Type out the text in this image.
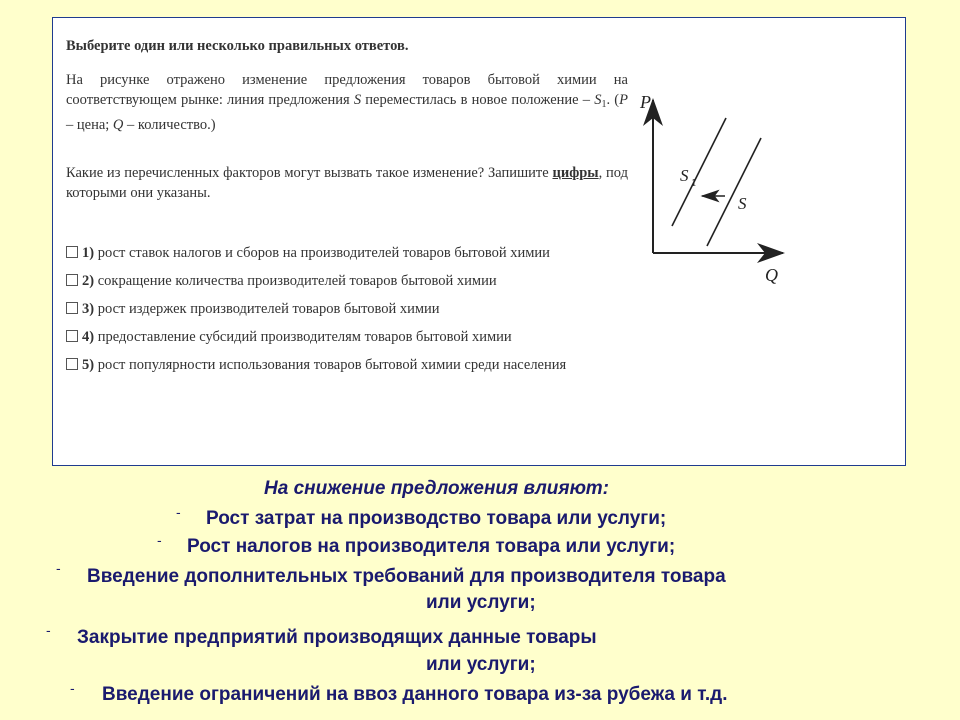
Выберите один или несколько правильных ответов.

На рисунке отражено изменение предложения товаров бытовой химии на соответствующем рынке: линия предложения S переместилась в новое положение – $S_1$. (P – цена; Q – количество.)

Какие из перечисленных факторов могут вызвать такое изменение? Запишите цифры, под которыми они указаны.

1) рост ставок налогов и сборов на производителей товаров бытовой химии
2) сокращение количества производителей товаров бытовой химии
3) рост издержек производителей товаров бытовой химии
4) предоставление субсидий производителям товаров бытовой химии
5) рост популярности использования товаров бытовой химии среди населения
P
Q
S 1
S
На снижение предложения влияют:
- Рост затрат на производство товара или услуги;
- Рост налогов на производителя товара или услуги;
- Введение дополнительных требований для производителя товара
или услуги;
- Закрытие предприятий производящих данные товары
или услуги;
- Введение ограничений на ввоз данного товара из-за рубежа и т.д.
